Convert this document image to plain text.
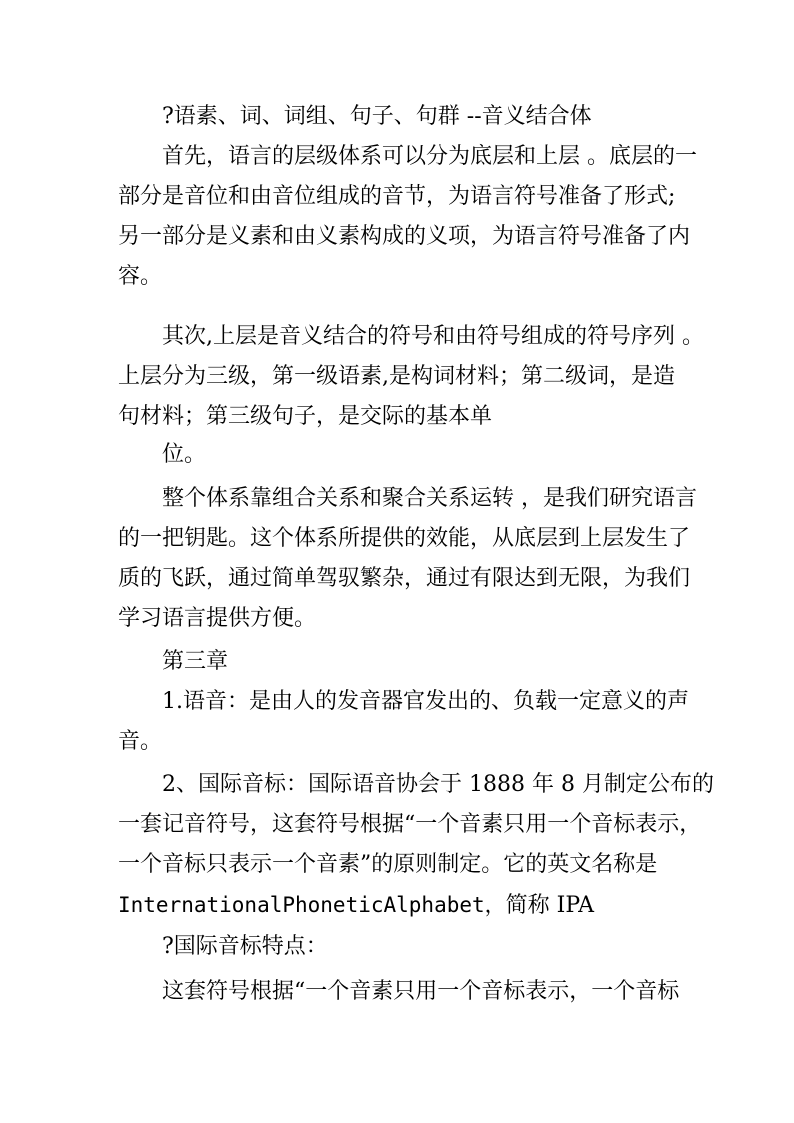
?语素、词、词组、句子、句群 --音义结合体
首先，语言的层级体系可以分为底层和上层 。底层的一
部分是音位和由音位组成的音节，为语言符号准备了形式;
另一部分是义素和由义素构成的义项，为语言符号准备了内
容。
其次,上层是音义结合的符号和由符号组成的符号序列 。
上层分为三级，第一级语素,是构词材料；第二级词，是造
句材料；第三级句子，是交际的基本单
位。
整个体系靠组合关系和聚合关系运转 ，是我们研究语言
的一把钥匙。这个体系所提供的效能，从底层到上层发生了
质的飞跃，通过简单驾驭繁杂，通过有限达到无限，为我们
学习语言提供方便。
第三章
1.语音：是由人的发音器官发出的、负载一定意义的声
音。
2、国际音标：国际语音协会于 1888 年 8 月制定公布的
一套记音符号，这套符号根据“一个音素只用一个音标表示，
一个音标只表示一个音素”的原则制定。它的英文名称是
InternationalPhoneticAlphabet，简称 IPA
?国际音标特点：
这套符号根据“一个音素只用一个音标表示，一个音标
